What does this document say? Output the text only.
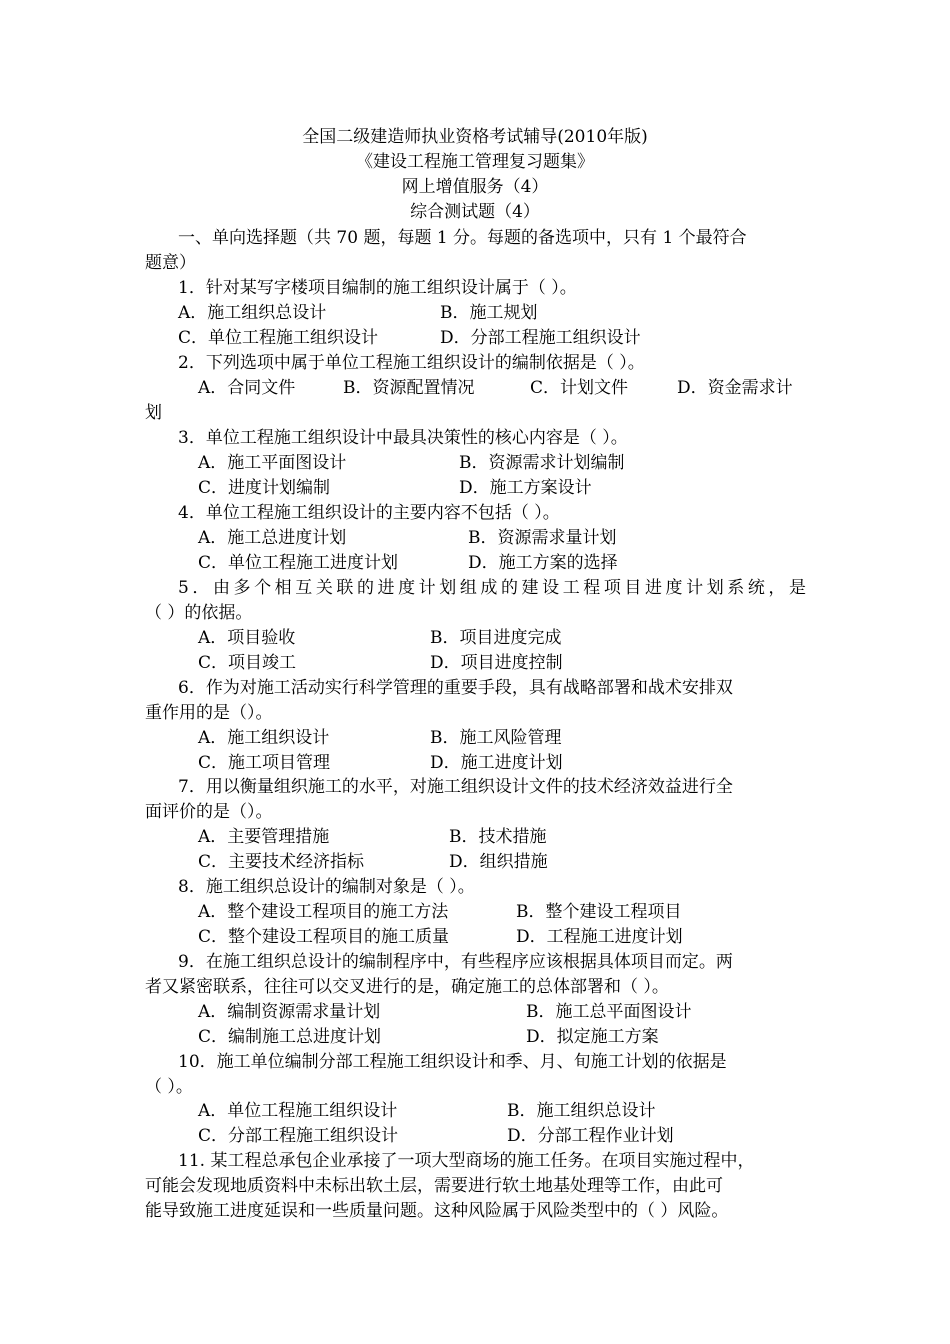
全国二级建造师执业资格考试辅导(2010年版)
《建设工程施工管理复习题集》
网上增值服务（4）
综合测试题（4）
一、单向选择题（共 70 题，每题 1 分。每题的备选项中，只有 1 个最符合
题意）
1．针对某写字楼项目编制的施工组织设计属于（ ）。
A．施工组织总设计	B．施工规划
C．单位工程施工组织设计	D．分部工程施工组织设计
2．下列选项中属于单位工程施工组织设计的编制依据是（ ）。
A．合同文件	B．资源配置情况	C．计划文件	D．资金需求计
划
3．单位工程施工组织设计中最具决策性的核心内容是（ ）。
A．施工平面图设计	B．资源需求计划编制
C．进度计划编制	D．施工方案设计
4．单位工程施工组织设计的主要内容不包括（ ）。
A．施工总进度计划	B．资源需求量计划
C．单位工程施工进度计划	D．施工方案的选择
5．由多个相互关联的进度计划组成的建设工程项目进度计划系统，是
（ ）的依据。
A．项目验收	B．项目进度完成
C．项目竣工	D．项目进度控制
6．作为对施工活动实行科学管理的重要手段，具有战略部署和战术安排双
重作用的是（）。
A．施工组织设计	B．施工风险管理
C．施工项目管理	D．施工进度计划
7．用以衡量组织施工的水平，对施工组织设计文件的技术经济效益进行全
面评价的是（）。
A．主要管理措施	B．技术措施
C．主要技术经济指标	D．组织措施
8．施工组织总设计的编制对象是（ ）。
A．整个建设工程项目的施工方法	B．整个建设工程项目
C．整个建设工程项目的施工质量	D．工程施工进度计划
9．在施工组织总设计的编制程序中，有些程序应该根据具体项目而定。两
者又紧密联系，往往可以交叉进行的是，确定施工的总体部署和（ ）。
A．编制资源需求量计划	B．施工总平面图设计
C．编制施工总进度计划	D．拟定施工方案
10．施工单位编制分部工程施工组织设计和季、月、旬施工计划的依据是
（ ）。
A．单位工程施工组织设计	B．施工组织总设计
C．分部工程施工组织设计	D．分部工程作业计划
11. 某工程总承包企业承接了一项大型商场的施工任务。在项目实施过程中，
可能会发现地质资料中未标出软土层，需要进行软土地基处理等工作，由此可
能导致施工进度延误和一些质量问题。这种风险属于风险类型中的（ ）风险。
